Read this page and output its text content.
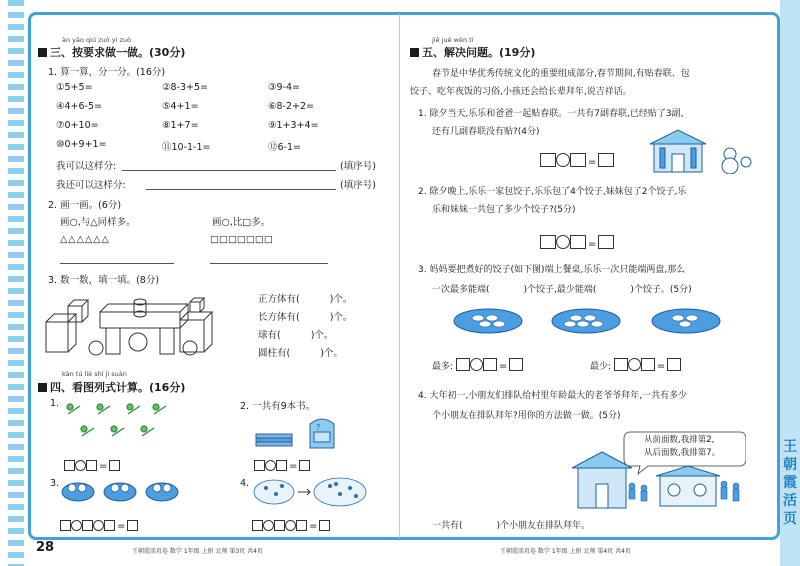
àn yāo qiú zuò yi zuò
三、按要求做一做。(30分)
1. 算一算，分一分。(16分)
①5+5=	②8-3+5=	③9-4=
④4+6-5=	⑤4+1=	⑥8-2+2=
⑦0+10=	⑧1+7=	⑨1+3+4=
⑩0+9+1=	⑪10-1-1=	⑫6-1=
我可以这样分:	(填序号)
我还可以这样分:	(填序号)
2. 画一画。(6分)
画○,与△同样多。	画○,比□多。
△△△△△△	□□□□□□□
3. 数一数，填一填。(8分)
正方体有(	)个。
长方体有(	)个。
球有(	)个。
圆柱有(	)个。
kàn tú liè shì jì suàn
四、看图列式计算。(16分)
1.
=
2. 一共有9本书。
?
=
3.
=
4.
=
28	王朝霞活页卷 数学 1年级 上册 北师 第3页 共4页
jiě jué wèn tí
五、解决问题。(19分)
春节是中华优秀传统文化的重要组成部分,春节期间,有贴春联、包
饺子、吃年夜饭的习俗,小孩还会给长辈拜年,说吉祥话。
1. 除夕当天,乐乐和爸爸一起贴春联。一共有7副春联,已经贴了3副,
还有几副春联没有贴?(4分)
=
2. 除夕晚上,乐乐一家包饺子,乐乐包了4个饺子,妹妹包了2个饺子,乐
乐和妹妹一共包了多少个饺子?(5分)
=
3. 妈妈要把煮好的饺子(如下图)端上餐桌,乐乐一次只能端两盘,那么
一次最多能端(	)个饺子,最少能端(	)个饺子。(5分)
最多:	=	最少:	=
4. 大年初一,小朋友们排队给村里年龄最大的老爷爷拜年,一共有多少
个小朋友在排队拜年?用你的方法做一做。(5分)
从前面数,我排第2,
从后面数,我排第7。
一共有(	)个小朋友在排队拜年。
王朝霞活页卷 数学 1年级 上册 北师 第4页 共4页
王朝霞活页
